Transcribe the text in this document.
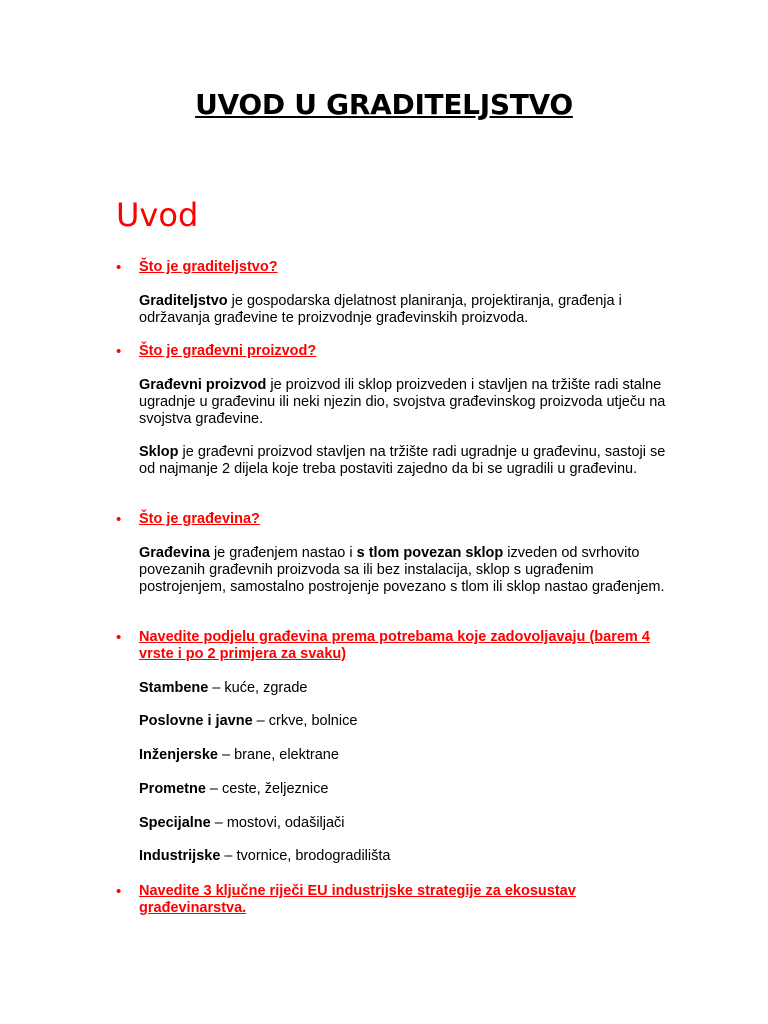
UVOD U GRADITELJSTVO
Uvod
• Što je graditeljstvo?
Graditeljstvo je gospodarska djelatnost planiranja, projektiranja, građenja i održavanja građevine te proizvodnje građevinskih proizvoda.
• Što je građevni proizvod?
Građevni proizvod je proizvod ili sklop proizveden i stavljen na tržište radi stalne ugradnje u građevinu ili neki njezin dio, svojstva građevinskog proizvoda utječu na svojstva građevine.
Sklop je građevni proizvod stavljen na tržište radi ugradnje u građevinu, sastoji se od najmanje 2 dijela koje treba postaviti zajedno da bi se ugradili u građevinu.
• Što je građevina?
Građevina je građenjem nastao i s tlom povezan sklop izveden od svrhovito povezanih građevnih proizvoda sa ili bez instalacija, sklop s ugrađenim postrojenjem, samostalno postrojenje povezano s tlom ili sklop nastao građenjem.
• Navedite podjelu građevina prema potrebama koje zadovoljavaju (barem 4 vrste i po 2 primjera za svaku)
Stambene – kuće, zgrade
Poslovne i javne – crkve, bolnice
Inženjerske – brane, elektrane
Prometne – ceste, željeznice
Specijalne – mostovi, odašiljači
Industrijske – tvornice, brodogradilišta
• Navedite 3 ključne riječi EU industrijske strategije za ekosustav građevinarstva.
